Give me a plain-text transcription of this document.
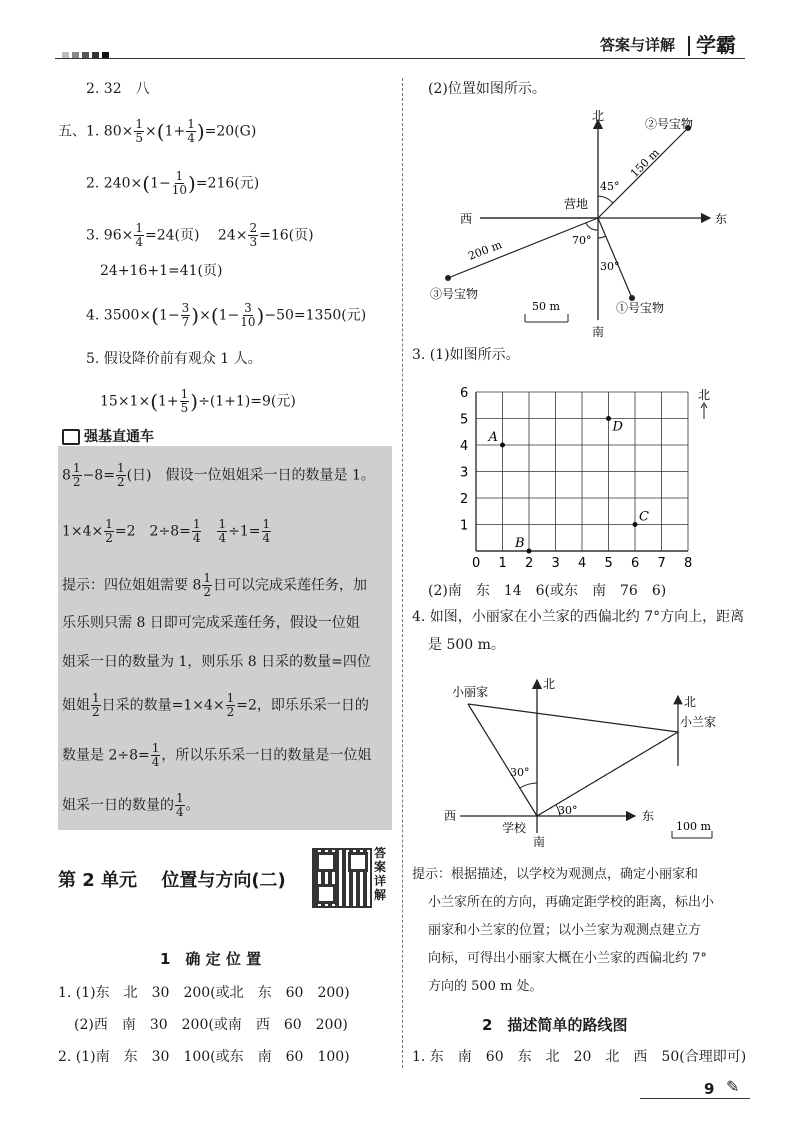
答案与详解 学霸
2. 32　八
五、1. $80\times \frac{1}{5} \times(1+ \frac{1}{4} )=20(G)$
2. $240\times(1- \frac{1}{10} )=216$(元)
3. $96\times \frac{1}{4} =24$(页)　 $24\times \frac{2}{3} =16$(页)
24+16+1=41(页)
4. $3500\times(1- \frac{3}{7} )\times(1- \frac{3}{10} )-50=1350$(元)
5. 假设降价前有观众 1 人。
$15\times 1\times(1+ \frac{1}{5} )\div(1+1)=9$(元)
强基直通车
$8 \frac{1}{2} -8= \frac{1}{2}$ (日)　假设一位姐姐采一日的数量是 1。
$1\times 4\times \frac{1}{2} =2$　$2\div 8= \frac{1}{4}$
　 $\frac{1}{4} \div 1= \frac{1}{4}$
提示：四位姐姐需要 $8 \frac{1}{2}$ 日可以完成采莲任务，加
乐乐则只需 8 日即可完成采莲任务，假设一位姐
姐采一日的数量为 1，则乐乐 8 日采的数量=四位
姐姐 $\frac{1}{2}$ 日采的数量$=1\times 4\times \frac{1}{2} =2$，即乐乐采一日的
数量是 $2\div 8= \frac{1}{4}$ ，所以乐乐采一日的数量是一位姐
姐采一日的数量的 $\frac{1}{4}$ 。
第 2 单元　 位置与方向(二)
答案详解
1　确 定 位 置
1. (1)东　北　30　200(或北　东　60　200)
(2)西　南　30　200(或南　西　60　200)
2. (1)南　东　30　100(或东　南　60　100)
(2)位置如图所示。
北
南
东
西
营地
②号宝物
③号宝物
①号宝物
150 m
200 m
45°
70°
30°
50 m
3. (1)如图所示。
0 1 2 3 4 5 6 7 8
1
2
3
4
5
6
A
B
C
D
北
(2)南　东　14　6(或东　南　76　6)
4. 如图，小丽家在小兰家的西偏北约 7°方向上，距离
是 500 m。
北
北
南
东
西
小丽家
小兰家
学校
30°
30°
100 m
提示：根据描述，以学校为观测点，确定小丽家和
小兰家所在的方向，再确定距学校的距离，标出小
丽家和小兰家的位置；以小兰家为观测点建立方
向标，可得出小丽家大概在小兰家的西偏北约 7°
方向的 500 m 处。
2　描述简单的路线图
1. 东　南　60　东　北　20　北　西　50(合理即可)
9 ✎
